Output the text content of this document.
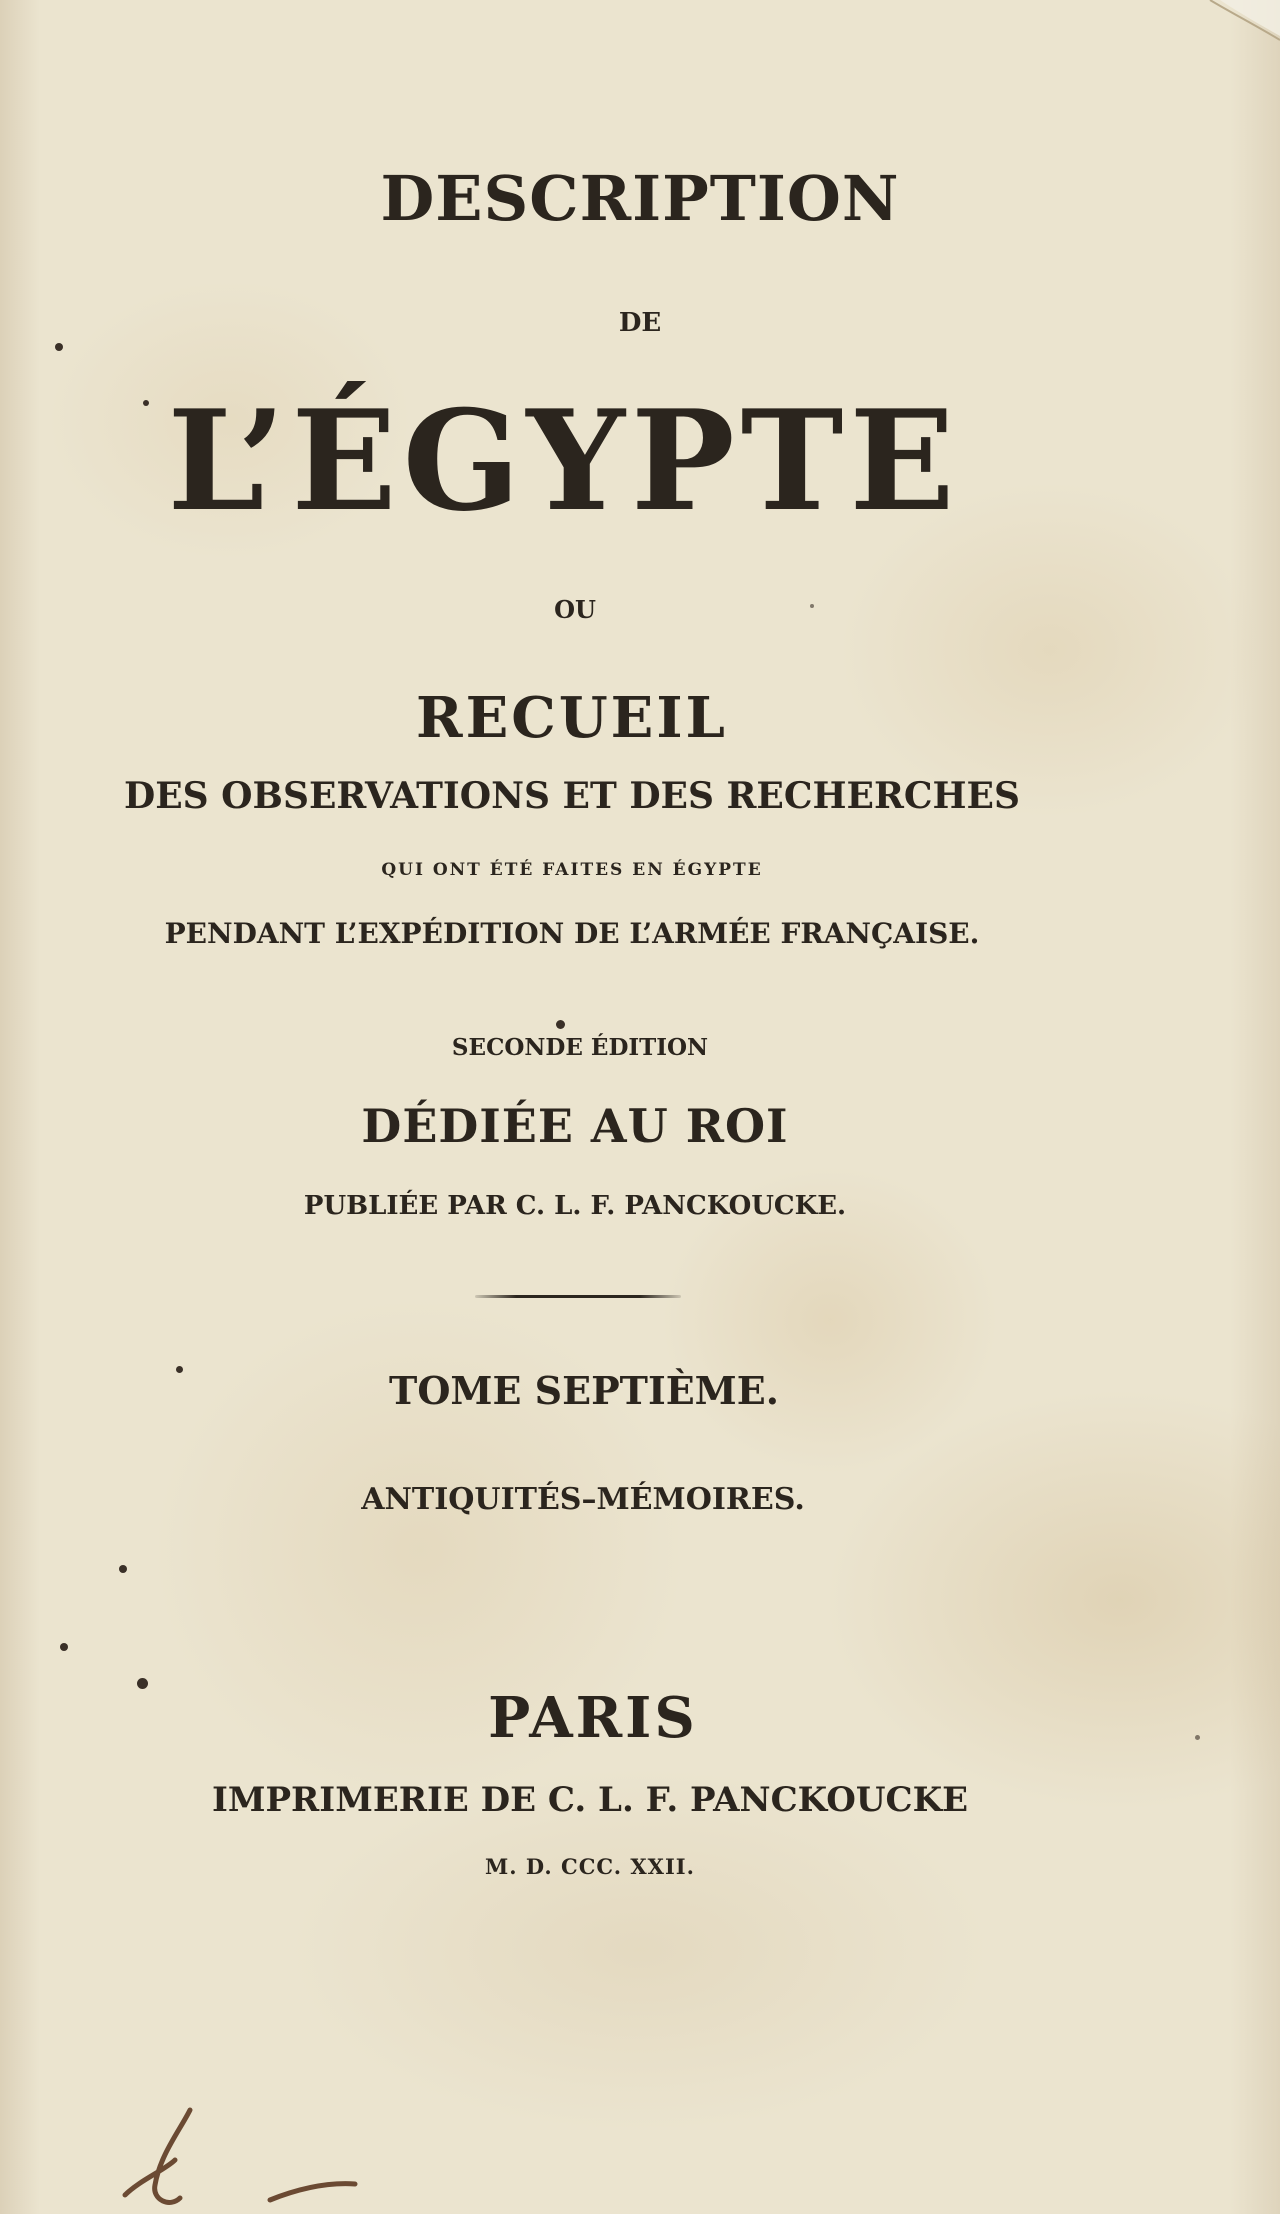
DESCRIPTION
DE
L’ÉGYPTE
OU
RECUEIL
DES OBSERVATIONS ET DES RECHERCHES
QUI ONT ÉTÉ FAITES EN ÉGYPTE
PENDANT L’EXPÉDITION DE L’ARMÉE FRANÇAISE.
SECONDE ÉDITION
DÉDIÉE AU ROI
PUBLIÉE PAR C. L. F. PANCKOUCKE.
TOME SEPTIÈME.
ANTIQUITÉS–MÉMOIRES.
PARIS
IMPRIMERIE DE C. L. F. PANCKOUCKE
M. D. CCC. XXII.
